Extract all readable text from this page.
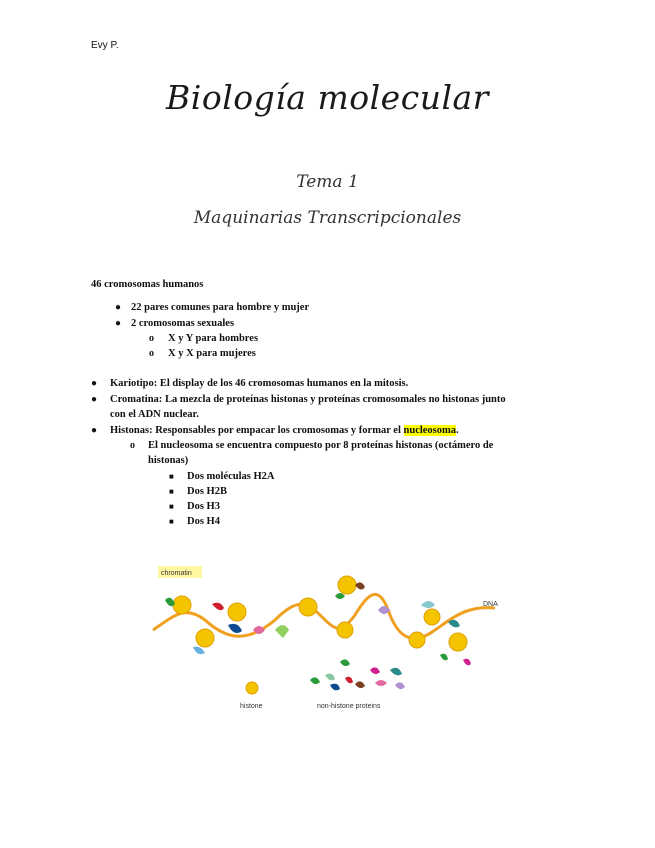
Evy P.
Biología molecular
Tema 1
Maquinarias Transcripcionales
46 cromosomas humanos
● 22 pares comunes para hombre y mujer
● 2 cromosomas sexuales
o X y Y para hombres
o X y X para mujeres
● Kariotipo: El display de los 46 cromosomas humanos en la mitosis.
● Cromatina: La mezcla de proteínas histonas y proteínas cromosomales no histonas junto
con el ADN nuclear.
● Histonas: Responsables por empacar los cromosomas y formar el nucleosoma.
o El nucleosoma se encuentra compuesto por 8 proteínas histonas (octámero de
histonas)
■ Dos moléculas H2A
■ Dos H2B
■ Dos H3
■ Dos H4
chromatin
DNA
histone	non-histone proteins
